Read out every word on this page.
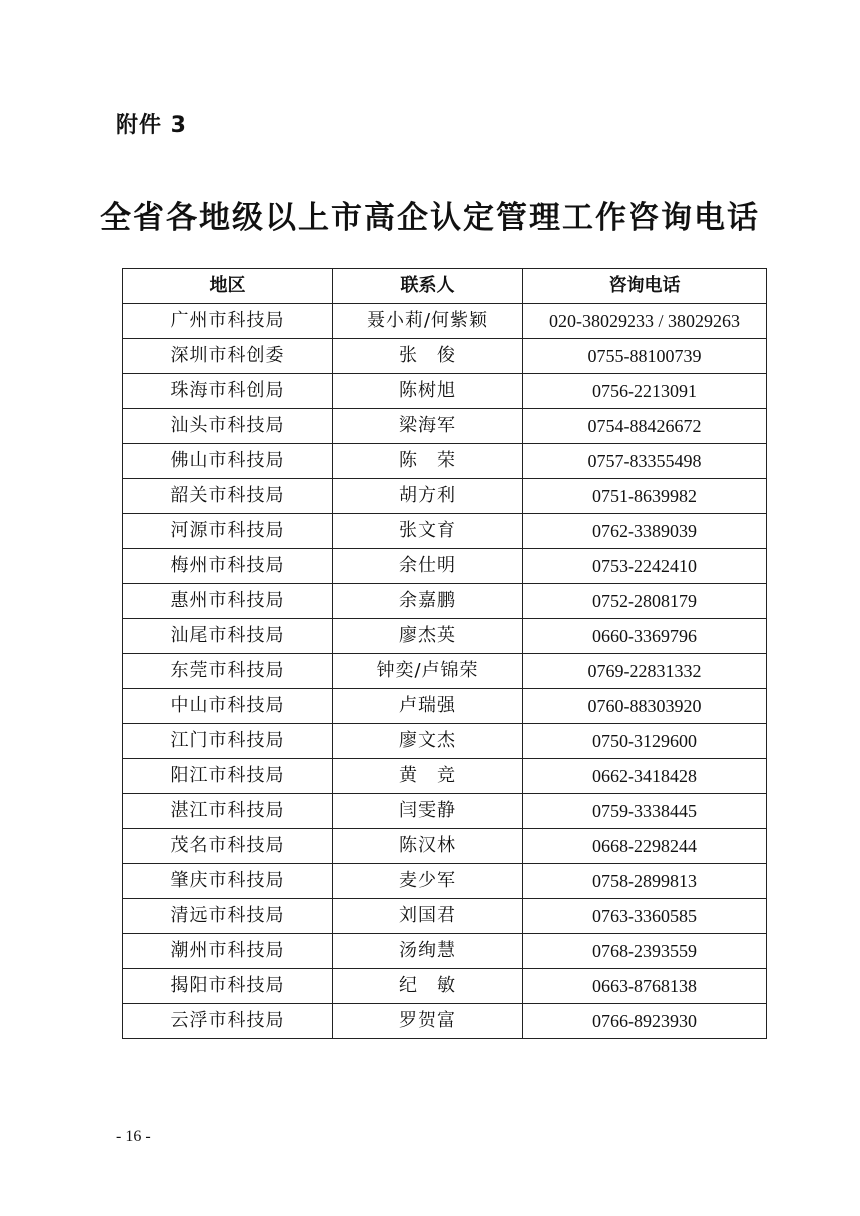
附件 3
全省各地级以上市高企认定管理工作咨询电话
地区	联系人	咨询电话
广州市科技局	聂小莉/何紫颖	020-38029233 / 38029263
深圳市科创委	张　俊	0755-88100739
珠海市科创局	陈树旭	0756-2213091
汕头市科技局	梁海军	0754-88426672
佛山市科技局	陈　荣	0757-83355498
韶关市科技局	胡方利	0751-8639982
河源市科技局	张文育	0762-3389039
梅州市科技局	余仕明	0753-2242410
惠州市科技局	余嘉鹏	0752-2808179
汕尾市科技局	廖杰英	0660-3369796
东莞市科技局	钟奕/卢锦荣	0769-22831332
中山市科技局	卢瑞强	0760-88303920
江门市科技局	廖文杰	0750-3129600
阳江市科技局	黄　竞	0662-3418428
湛江市科技局	闫雯静	0759-3338445
茂名市科技局	陈汉林	0668-2298244
肇庆市科技局	麦少军	0758-2899813
清远市科技局	刘国君	0763-3360585
潮州市科技局	汤绚慧	0768-2393559
揭阳市科技局	纪　敏	0663-8768138
云浮市科技局	罗贺富	0766-8923930
- 16 -
